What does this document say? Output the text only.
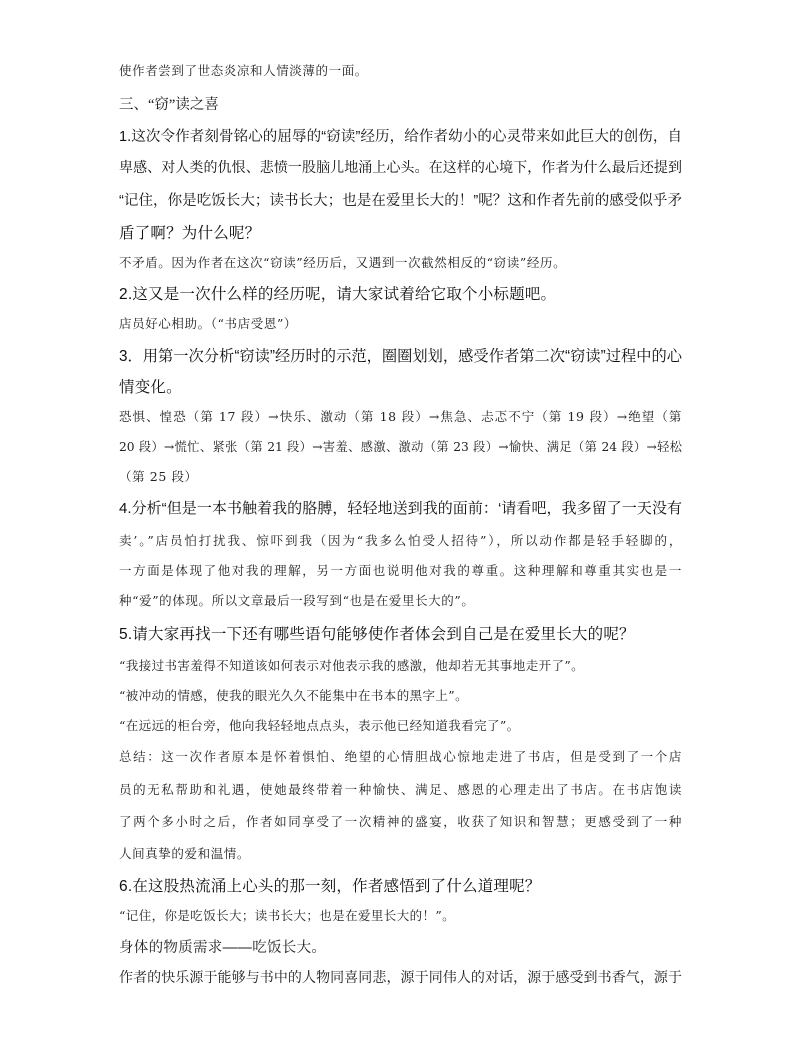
使作者尝到了世态炎凉和人情淡薄的一面。
三、“窃”读之喜
1.这次令作者刻骨铭心的屈辱的“窃读”经历，给作者幼小的心灵带来如此巨大的创伤，自
卑感、对人类的仇恨、悲愤一股脑儿地涌上心头。在这样的心境下，作者为什么最后还提到
“记住，你是吃饭长大；读书长大；也是在爱里长大的！”呢？这和作者先前的感受似乎矛
盾了啊？为什么呢？
不矛盾。因为作者在这次“窃读”经历后，又遇到一次截然相反的“窃读”经历。
2.这又是一次什么样的经历呢，请大家试着给它取个小标题吧。
店员好心相助。（“书店受恩”）
3．用第一次分析“窃读”经历时的示范，圈圈划划，感受作者第二次“窃读”过程中的心
情变化。
恐惧、惶恐（第 17 段）→快乐、激动（第 18 段）→焦急、忐忑不宁（第 19 段）→绝望（第
20 段）→慌忙、紧张（第 21 段）→害羞、感激、激动（第 23 段）→愉快、满足（第 24 段）→轻松
（第 25 段）
4.分析“但是一本书触着我的胳膊，轻轻地送到我的面前：‘请看吧，我多留了一天没有
卖’。”店员怕打扰我、惊吓到我（因为“我多么怕受人招待”），所以动作都是轻手轻脚的，
一方面是体现了他对我的理解，另一方面也说明他对我的尊重。这种理解和尊重其实也是一
种“爱”的体现。所以文章最后一段写到“也是在爱里长大的”。
5.请大家再找一下还有哪些语句能够使作者体会到自己是在爱里长大的呢？
“我接过书害羞得不知道该如何表示对他表示我的感激，他却若无其事地走开了”。
“被冲动的情感，使我的眼光久久不能集中在书本的黑字上”。
“在远远的柜台旁，他向我轻轻地点点头，表示他已经知道我看完了”。
总结：这一次作者原本是怀着惧怕、绝望的心情胆战心惊地走进了书店，但是受到了一个店
员的无私帮助和礼遇，使她最终带着一种愉快、满足、感恩的心理走出了书店。在书店饱读
了两个多小时之后，作者如同享受了一次精神的盛宴，收获了知识和智慧；更感受到了一种
人间真挚的爱和温情。
6.在这股热流涌上心头的那一刻，作者感悟到了什么道理呢？
“记住，你是吃饭长大；读书长大；也是在爱里长大的！”。
身体的物质需求——吃饭长大。
作者的快乐源于能够与书中的人物同喜同悲，源于同伟人的对话，源于感受到书香气，源于
